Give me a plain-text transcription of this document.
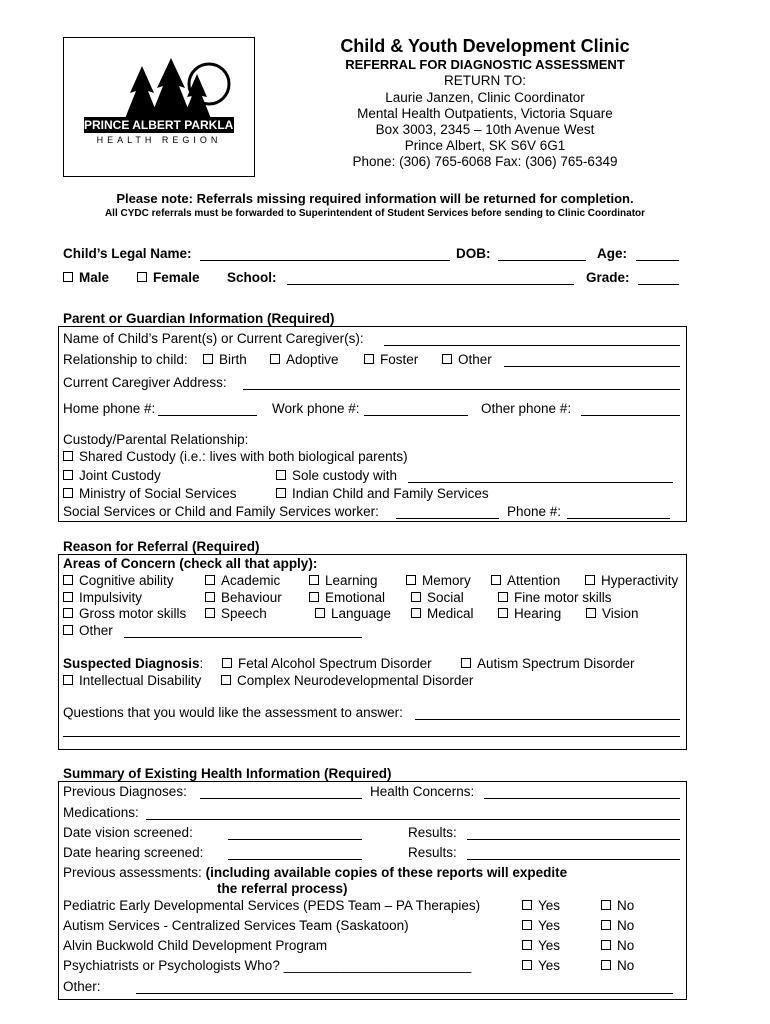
PRINCE ALBERT PARKLAND
HEALTH REGION
Child & Youth Development Clinic
REFERRAL FOR DIAGNOSTIC ASSESSMENT
RETURN TO:
Laurie Janzen, Clinic Coordinator
Mental Health Outpatients, Victoria Square
Box 3003, 2345 – 10th Avenue West
Prince Albert, SK S6V 6G1
Phone: (306) 765-6068 Fax: (306) 765-6349
Please note: Referrals missing required information will be returned for completion.
All CYDC referrals must be forwarded to Superintendent of Student Services before sending to Clinic Coordinator
Child’s Legal Name:	DOB:	Age:
Male	Female School:	Grade:
Parent or Guardian Information (Required)
Name of Child’s Parent(s) or Current Caregiver(s):
Relationship to child:	Birth	Adoptive	Foster	Other
Current Caregiver Address:
Home phone #:	Work phone #:	Other phone #:
Custody/Parental Relationship:
Shared Custody (i.e.: lives with both biological parents)
Joint Custody	Sole custody with
Ministry of Social Services	Indian Child and Family Services
Social Services or Child and Family Services worker:	Phone #:
Reason for Referral (Required)
Areas of Concern (check all that apply):
Cognitive ability	Academic	Learning	Memory	Attention	Hyperactivity
Impulsivity	Behaviour	Emotional	Social	Fine motor skills
Gross motor skills	Speech	Language	Medical	Hearing	Vision
Other
Suspected Diagnosis:	Fetal Alcohol Spectrum Disorder	Autism Spectrum Disorder
Intellectual Disability	Complex Neurodevelopmental Disorder
Questions that you would like the assessment to answer:
Summary of Existing Health Information (Required)
Previous Diagnoses:	Health Concerns:
Medications:
Date vision screened:	Results:
Date hearing screened:	Results:
Previous assessments: (including available copies of these reports will expedite
the referral process)
Pediatric Early Developmental Services (PEDS Team – PA Therapies)	Yes	No
Autism Services - Centralized Services Team (Saskatoon)	Yes	No
Alvin Buckwold Child Development Program	Yes	No
Psychiatrists or Psychologists Who? _________________________	Yes	No
Other:
